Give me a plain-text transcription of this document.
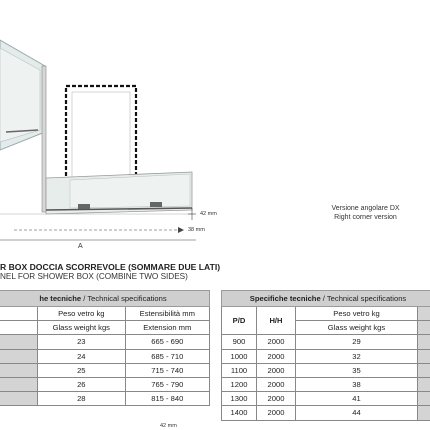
42 mm
38 mm
A
Versione angolare DX
Right corner version
R BOX DOCCIA SCORREVOLE (SOMMARE DUE LATI)
NEL FOR SHOWER BOX (COMBINE TWO SIDES)
he tecniche / Technical specifications		
	Peso vetro kg	Estensibilità mm
	Glass weight kgs	Extension mm
	23	665 - 690
	24	685 - 710
	25	715 - 740
	26	765 - 790
	28	815 - 840
42 mm
Specifiche tecniche / Technical specifications			
P/D	H/H	Peso vetro kg	
		Glass weight kgs	
900	2000	29	
1000	2000	32	
1100	2000	35	
1200	2000	38	
1300	2000	41	
1400	2000	44	
